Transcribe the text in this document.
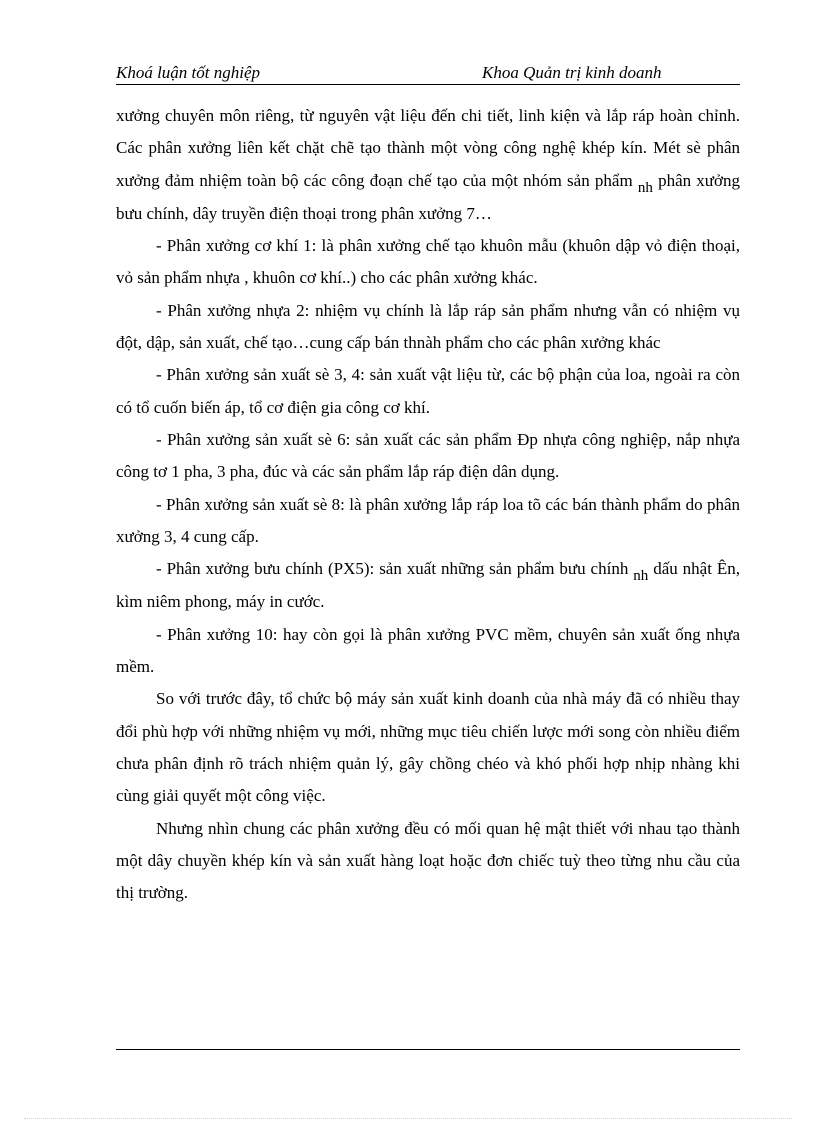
Khoá luận tốt nghiệp	Khoa Quản trị kinh doanh

xưởng chuyên môn riêng, từ nguyên vật liệu đến chi tiết, linh kiện và lắp ráp hoàn chỉnh. Các phân xưởng liên kết chặt chẽ tạo thành một vòng công nghệ khép kín. Mét sè phân xưởng đảm nhiệm toàn bộ các công đoạn chế tạo của một nhóm sản phẩm nh phân xưởng bưu chính, dây truyền điện thoại trong phân xưởng 7…

- Phân xưởng cơ khí 1: là phân xưởng chế tạo khuôn mẫu (khuôn dập vỏ điện thoại, vỏ sản phẩm nhựa , khuôn cơ khí..) cho các phân xưởng khác.

- Phân xưởng nhựa 2: nhiệm vụ chính là lắp ráp sản phẩm nhưng vẫn có nhiệm vụ đột, dập, sản xuất, chế tạo…cung cấp bán thnàh phẩm cho các phân xưởng khác

- Phân xưởng sản xuất sè 3, 4: sản xuất vật liệu từ, các bộ phận của loa, ngoài ra còn có tổ cuốn biến áp, tổ cơ điện gia công cơ khí.

- Phân xưởng sản xuất sè 6: sản xuất các sản phẩm Ðp nhựa công nghiệp, nắp nhựa công tơ 1 pha, 3 pha, đúc và các sản phẩm lắp ráp điện dân dụng.

- Phân xưởng sản xuất sè 8: là phân xưởng lắp ráp loa tõ các bán thành phẩm do phân xưởng 3, 4 cung cấp.

- Phân xưởng bưu chính (PX5): sản xuất những sản phẩm bưu chính nh dấu nhật Ên, kìm niêm phong, máy in cước.

- Phân xưởng 10: hay còn gọi là phân xưởng PVC mềm, chuyên sản xuất ống nhựa mềm.

So với trước đây, tổ chức bộ máy sản xuất kinh doanh của nhà máy đã có nhiều thay đổi phù hợp với những nhiệm vụ mới, những mục tiêu chiến lược mới song còn nhiều điểm chưa phân định rõ trách nhiệm quản lý, gây chồng chéo và khó phối hợp nhịp nhàng khi cùng giải quyết một công việc.

Nhưng nhìn chung các phân xưởng đều có mối quan hệ mật thiết với nhau tạo thành một dây chuyền khép kín và sản xuất hàng loạt hoặc đơn chiếc tuỳ theo từng nhu cầu của thị trường.
